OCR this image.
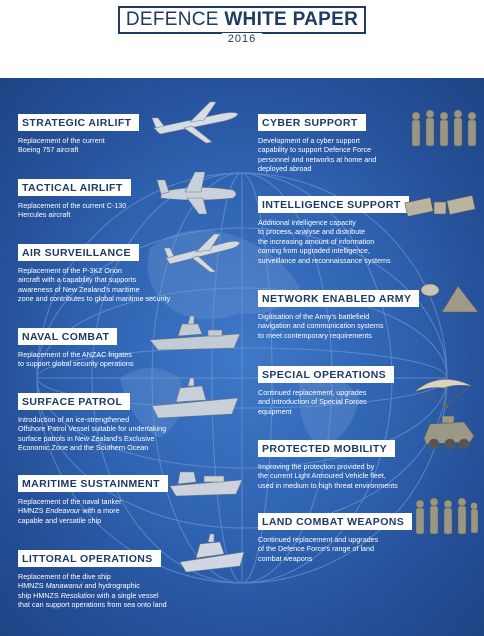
DEFENCE WHITE PAPER
2016
STRATEGIC AIRLIFT
Replacement of the current
Boeing 757 aircraft
TACTICAL AIRLIFT
Replacement of the current C-130
Hercules aircraft
AIR SURVEILLANCE
Replacement of the P-3K2 Orion
aircraft with a capability that supports
awareness of New Zealand's maritime
zone and contributes to global maritime security
NAVAL COMBAT
Replacement of the ANZAC frigates
to support global security operations
SURFACE PATROL
Introduction of an ice-strengthened
Offshore Patrol Vessel suitable for undertaking
surface patrols in New Zealand's Exclusive
Economic Zone and the Southern Ocean
MARITIME SUSTAINMENT
Replacement of the naval tanker
HMNZS Endeavour with a more
capable and versatile ship
LITTORAL OPERATIONS
Replacement of the dive ship
HMNZS Manawanui and hydrographic
ship HMNZS Resolution with a single vessel
that can support operations from sea onto land
CYBER SUPPORT
Development of a cyber support
capability to support Defence Force
personnel and networks at home and
deployed abroad
INTELLIGENCE SUPPORT
Additional intelligence capacity
to process, analyse and distribute
the increasing amount of information
coming from upgraded intelligence,
surveillance and reconnaissance systems
NETWORK ENABLED ARMY
Digitisation of the Army's battlefield
navigation and communication systems
to meet contemporary requirements
SPECIAL OPERATIONS
Continued replacement, upgrades
and introduction of Special Forces
equipment
PROTECTED MOBILITY
Improving the protection provided by
the current Light Armoured Vehicle fleet,
used in medium to high threat environments
LAND COMBAT WEAPONS
Continued replacement and upgrades
of the Defence Force's range of land
combat weapons
